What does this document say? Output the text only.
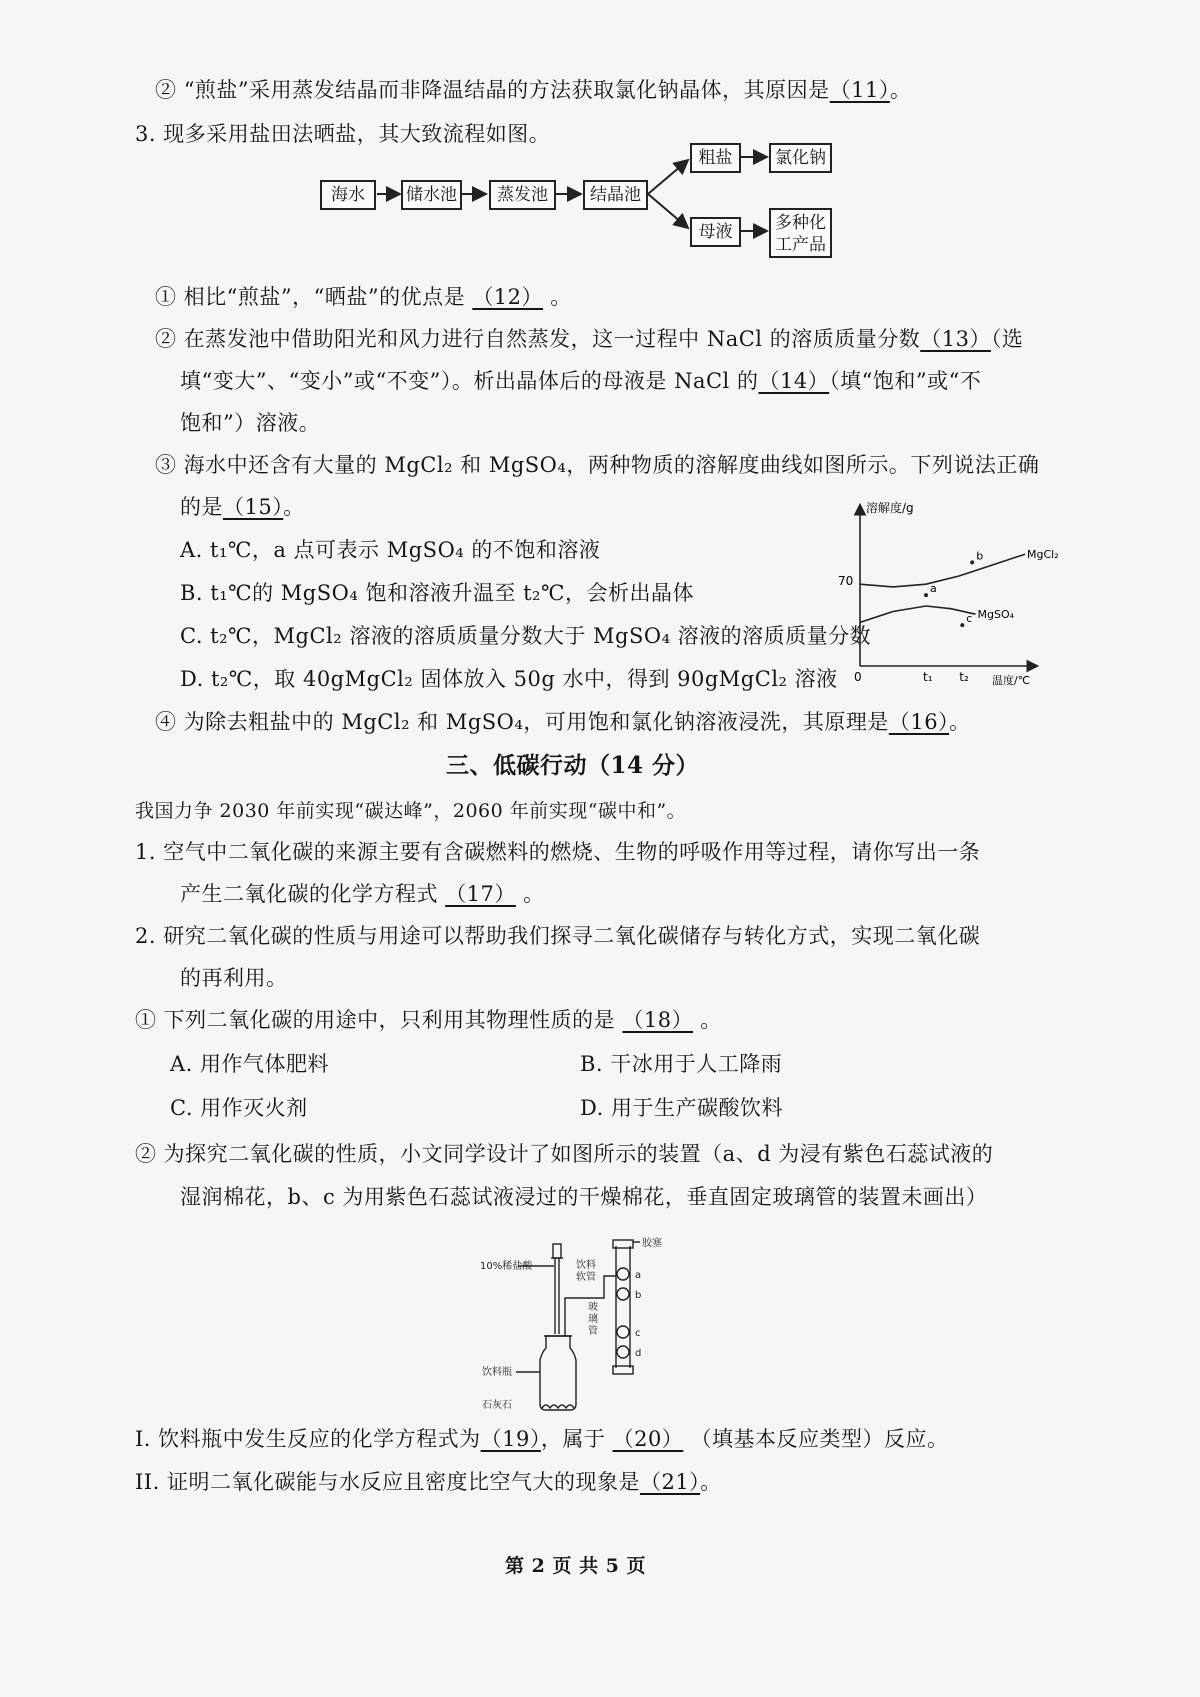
② “煎盐”采用蒸发结晶而非降温结晶的方法获取氯化钠晶体，其原因是（11）。
3. 现多采用盐田法晒盐，其大致流程如图。
海水	储水池	蒸发池	结晶池
粗盐	氯化钠
母液	多种化
工产品
① 相比“煎盐”，“晒盐”的优点是 （12） 。
② 在蒸发池中借助阳光和风力进行自然蒸发，这一过程中 NaCl 的溶质质量分数（13）（选
填“变大”、“变小”或“不变”）。析出晶体后的母液是 NaCl 的（14）（填“饱和”或“不
饱和”）溶液。
③ 海水中还含有大量的 MgCl₂ 和 MgSO₄，两种物质的溶解度曲线如图所示。下列说法正确
的是（15）。
A. t₁℃，a 点可表示 MgSO₄ 的不饱和溶液
B. t₁℃的 MgSO₄ 饱和溶液升温至 t₂℃，会析出晶体
C. t₂℃，MgCl₂ 溶液的溶质质量分数大于 MgSO₄ 溶液的溶质质量分数
D. t₂℃，取 40gMgCl₂ 固体放入 50g 水中，得到 90gMgCl₂ 溶液
溶解度/g
温度/℃
70
0	t₁ t₂
MgCl₂
MgSO₄
a
b
c
④ 为除去粗盐中的 MgCl₂ 和 MgSO₄，可用饱和氯化钠溶液浸洗，其原理是（16）。
三、低碳行动（14 分）
我国力争 2030 年前实现“碳达峰”，2060 年前实现“碳中和”。
1. 空气中二氧化碳的来源主要有含碳燃料的燃烧、生物的呼吸作用等过程，请你写出一条
产生二氧化碳的化学方程式 （17） 。
2. 研究二氧化碳的性质与用途可以帮助我们探寻二氧化碳储存与转化方式，实现二氧化碳
的再利用。
① 下列二氧化碳的用途中，只利用其物理性质的是 （18） 。
A. 用作气体肥料	B. 干冰用于人工降雨
C. 用作灭火剂	D. 用于生产碳酸饮料
② 为探究二氧化碳的性质，小文同学设计了如图所示的装置（a、d 为浸有紫色石蕊试液的
湿润棉花，b、c 为用紫色石蕊试液浸过的干燥棉花，垂直固定玻璃管的装置未画出）
10%稀盐酸	饮料
软管
玻
璃
管
饮料瓶
石灰石
胶塞
a
b
c
d
I. 饮料瓶中发生反应的化学方程式为（19），属于 （20） （填基本反应类型）反应。
II. 证明二氧化碳能与水反应且密度比空气大的现象是（21）。
第 2 页 共 5 页
